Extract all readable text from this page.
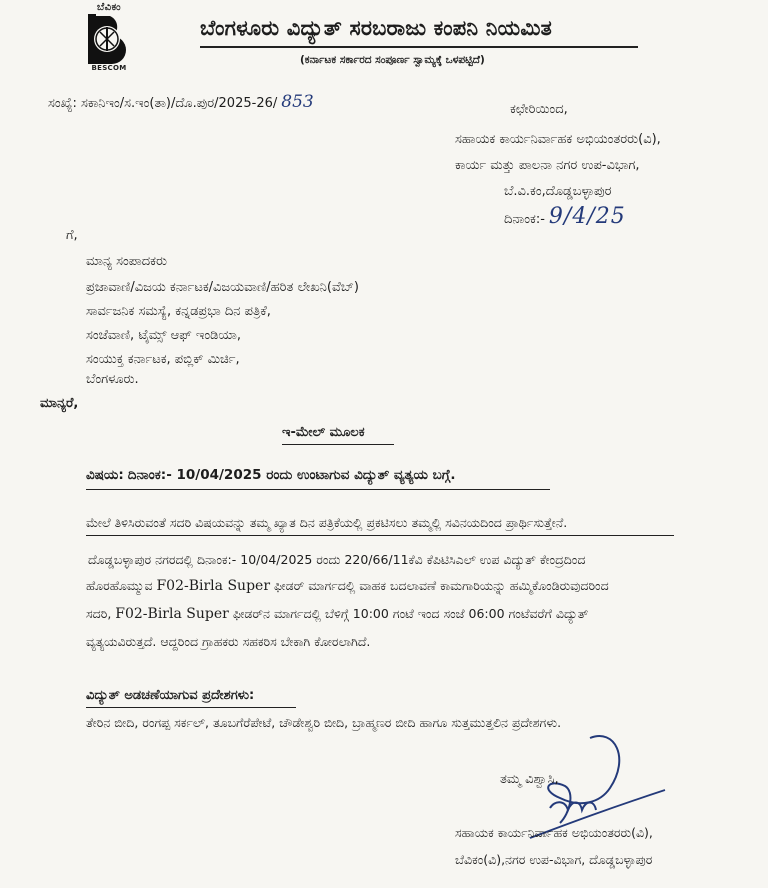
ಬೆವಿಕಂ
BESCOM
ಬೆಂಗಳೂರು ವಿದ್ಯುತ್ ಸರಬರಾಜು ಕಂಪನಿ ನಿಯಮಿತ
(ಕರ್ನಾಟಕ ಸರ್ಕಾರದ ಸಂಪೂರ್ಣ ಸ್ವಾಮ್ಯಕ್ಕೆ ಒಳಪಟ್ಟಿದೆ)
ಸಂಖ್ಯೆ: ಸಕಾನಿಇಂ/ಸ.ಇಂ(ತಾ)/ದೊ.ಪುರ/2025-26/ 853	ಕಛೇರಿಯಿಂದ,
ಸಹಾಯಕ ಕಾರ್ಯನಿರ್ವಾಹಕ ಅಭಿಯಂತರರು(ವಿ),
ಕಾರ್ಯ ಮತ್ತು ಪಾಲನಾ ನಗರ ಉಪ-ವಿಭಾಗ,
ಬೆ.ವಿ.ಕಂ,ದೊಡ್ಡಬಳ್ಳಾಪುರ
ದಿನಾಂಕ:- 9/4/25
ಗೆ,
ಮಾನ್ಯ ಸಂಪಾದಕರು
ಪ್ರಜಾವಾಣಿ/ವಿಜಯ ಕರ್ನಾಟಕ/ವಿಜಯವಾಣಿ/ಹರಿತ ಲೇಖನಿ(ವೆಬ್)
ಸಾರ್ವಜನಿಕ ಸಮಸ್ಯೆ, ಕನ್ನಡಪ್ರಭಾ ದಿನ ಪತ್ರಿಕೆ,
ಸಂಜೆವಾಣಿ, ಟೈಮ್ಸ್ ಆಫ್ ಇಂಡಿಯಾ,
ಸಂಯುಕ್ತ ಕರ್ನಾಟಕ, ಪಬ್ಲಿಕ್ ಮಿರ್ಚಿ,
ಬೆಂಗಳೂರು.
ಮಾನ್ಯರೆ,
ಇ-ಮೇಲ್ ಮೂಲಕ
ವಿಷಯ: ದಿನಾಂಕ:- 10/04/2025 ರಂದು ಉಂಟಾಗುವ ವಿದ್ಯುತ್ ವ್ಯತ್ಯಯ ಬಗ್ಗೆ.
ಮೇಲೆ ತಿಳಿಸಿರುವಂತೆ ಸದರಿ ವಿಷಯವನ್ನು ತಮ್ಮ ಖ್ಯಾತ ದಿನ ಪತ್ರಿಕೆಯಲ್ಲಿ ಪ್ರಕಟಿಸಲು ತಮ್ಮಲ್ಲಿ ಸವಿನಯದಿಂದ ಪ್ರಾರ್ಥಿಸುತ್ತೇನೆ.
ದೊಡ್ಡಬಳ್ಳಾಪುರ ನಗರದಲ್ಲಿ ದಿನಾಂಕ:- 10/04/2025 ರಂದು 220/66/11ಕೆವಿ ಕೆಪಿಟಿಸಿಎಲ್ ಉಪ ವಿದ್ಯುತ್ ಕೇಂದ್ರದಿಂದ
ಹೊರಹೊಮ್ಮುವ F02-Birla Super ಫೀಡರ್ ಮಾರ್ಗದಲ್ಲಿ ವಾಹಕ ಬದಲಾವಣೆ ಕಾಮಗಾರಿಯನ್ನು ಹಮ್ಮಿಕೊಂಡಿರುವುದರಿಂದ
ಸದರಿ, F02-Birla Super ಫೀಡರ್‌ನ ಮಾರ್ಗದಲ್ಲಿ ಬೆಳಿಗ್ಗೆ 10:00 ಗಂಟೆ ಇಂದ ಸಂಜೆ 06:00 ಗಂಟೆವರೆಗೆ ವಿದ್ಯುತ್
ವ್ಯತ್ಯಯವಿರುತ್ತದೆ. ಆದ್ದರಿಂದ ಗ್ರಾಹಕರು ಸಹಕರಿಸ ಬೇಕಾಗಿ ಕೋರಲಾಗಿದೆ.
ವಿದ್ಯುತ್ ಅಡಚಣೆಯಾಗುವ ಪ್ರದೇಶಗಳು:
ತೇರಿನ ಬೀದಿ, ರಂಗಪ್ಪ ಸರ್ಕಲ್, ತೂಬಗೆರೆಪೇಟೆ, ಚೌಡೇಶ್ವರಿ ಬೀದಿ, ಬ್ರಾಹ್ಮಣರ ಬೀದಿ ಹಾಗೂ ಸುತ್ತಮುತ್ತಲಿನ ಪ್ರದೇಶಗಳು.
ತಮ್ಮ ವಿಶ್ವಾಸಿ,
ಸಹಾಯಕ ಕಾರ್ಯನಿರ್ವಾಹಕ ಅಭಿಯಂತರರು(ವಿ),
ಬೆವಿಕಂ(ವಿ),ನಗರ ಉಪ-ವಿಭಾಗ, ದೊಡ್ಡಬಳ್ಳಾಪುರ
